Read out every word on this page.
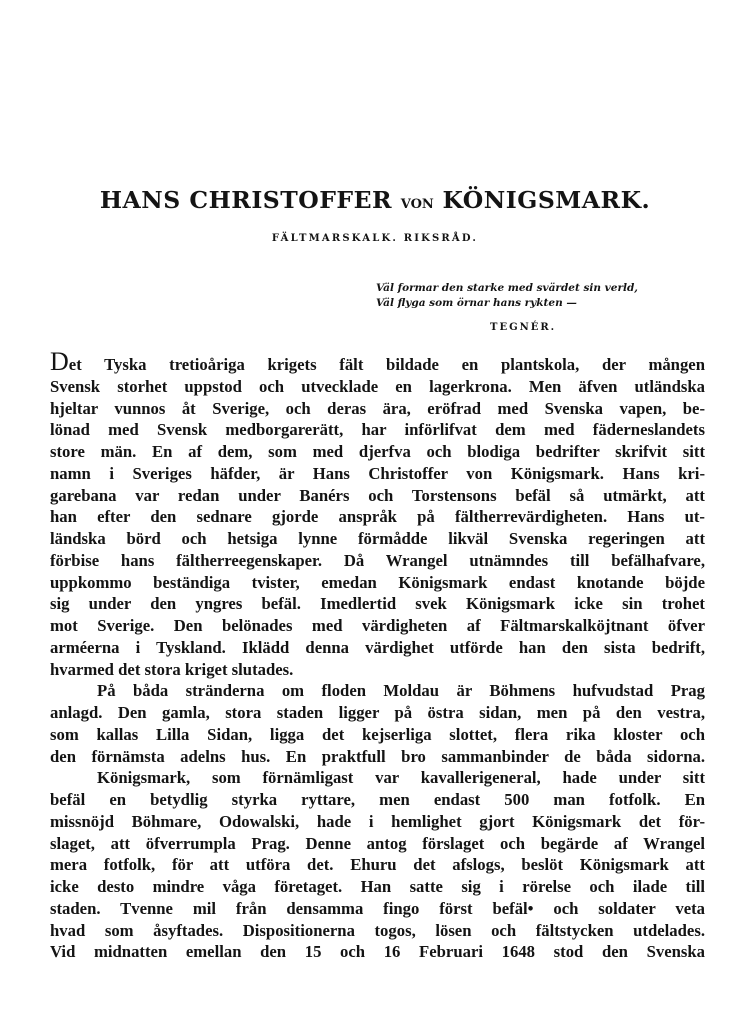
HANS CHRISTOFFER VON KÖNIGSMARK.
FÄLTMARSKALK. RIKSRÅD.

Väl formar den starke med svärdet sin verld,

Väl flyga som örnar hans rykten —

TEGNÉR.
Det Tyska tretioåriga krigets fält bildade en plantskola, der mången
Svensk storhet uppstod och utvecklade en lagerkrona. Men äfven utländska
hjeltar vunnos åt Sverige, och deras ära, eröfrad med Svenska vapen, be-
lönad med Svensk medborgarerätt, har införlifvat dem med fäderneslandets
store män. En af dem, som med djerfva och blodiga bedrifter skrifvit sitt
namn i Sveriges häfder, är Hans Christoffer von Königsmark. Hans kri-
garebana var redan under Banérs och Torstensons befäl så utmärkt, att
han efter den sednare gjorde anspråk på fältherrevärdigheten. Hans ut-
ländska börd och hetsiga lynne förmådde likväl Svenska regeringen att
förbise hans fältherreegenskaper. Då Wrangel utnämndes till befälhafvare,
uppkommo beständiga tvister, emedan Königsmark endast knotande böjde
sig under den yngres befäl. Imedlertid svek Königsmark icke sin trohet
mot Sverige. Den belönades med värdigheten af Fältmarskalköjtnant öfver
arméerna i Tyskland. Iklädd denna värdighet utförde han den sista bedrift,
hvarmed det stora kriget slutades.
På båda stränderna om floden Moldau är Böhmens hufvudstad Prag
anlagd. Den gamla, stora staden ligger på östra sidan, men på den vestra,
som kallas Lilla Sidan, ligga det kejserliga slottet, flera rika kloster och
den förnämsta adelns hus. En praktfull bro sammanbinder de båda sidorna.
Königsmark, som förnämligast var kavallerigeneral, hade under sitt
befäl en betydlig styrka ryttare, men endast 500 man fotfolk. En
missnöjd Böhmare, Odowalski, hade i hemlighet gjort Königsmark det för-
slaget, att öfverrumpla Prag. Denne antog förslaget och begärde af Wrangel
mera fotfolk, för att utföra det. Ehuru det afslogs, beslöt Königsmark att
icke desto mindre våga företaget. Han satte sig i rörelse och ilade till
staden. Tvenne mil från densamma fingo först befäl• och soldater veta
hvad som åsyftades. Dispositionerna togos, lösen och fältstycken utdelades.
Vid midnatten emellan den 15 och 16 Februari 1648 stod den Svenska
